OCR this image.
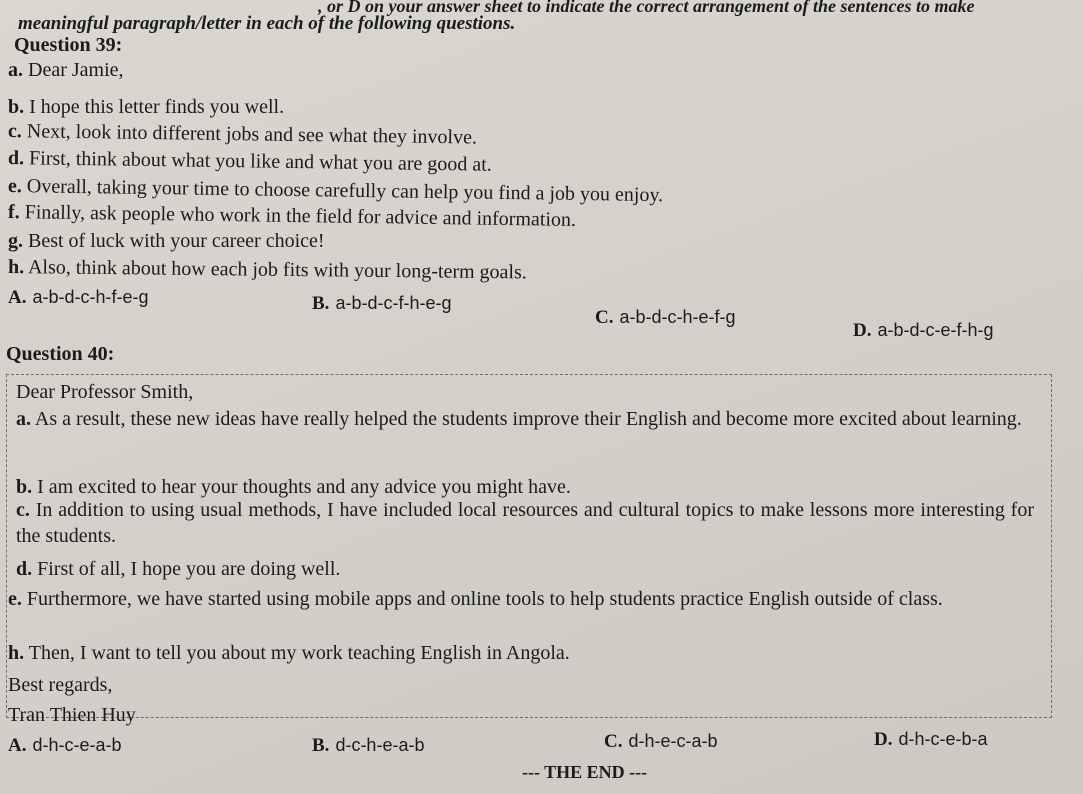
, or D on your answer sheet to indicate the correct arrangement of the sentences to make
meaningful paragraph/letter in each of the following questions.
Question 39:
a. Dear Jamie,
b. I hope this letter finds you well.
c. Next, look into different jobs and see what they involve.
d. First, think about what you like and what you are good at.
e. Overall, taking your time to choose carefully can help you find a job you enjoy.
f. Finally, ask people who work in the field for advice and information.
g. Best of luck with your career choice!
h. Also, think about how each job fits with your long-term goals.
A. a-b-d-c-h-f-e-g	B. a-b-d-c-f-h-e-g
C. a-b-d-c-h-e-f-g
D. a-b-d-c-e-f-h-g
Question 40:
Dear Professor Smith,
a. As a result, these new ideas have really helped the students improve their English and become more excited about learning.
b. I am excited to hear your thoughts and any advice you might have.
c. In addition to using usual methods, I have included local resources and cultural topics to make lessons more interesting for the students.
d. First of all, I hope you are doing well.
e. Furthermore, we have started using mobile apps and online tools to help students practice English outside of class.
h. Then, I want to tell you about my work teaching English in Angola.
Best regards,
Tran Thien Huy
A. d-h-c-e-a-b	B. d-c-h-e-a-b	C. d-h-e-c-a-b	D. d-h-c-e-b-a
--- THE END ---
